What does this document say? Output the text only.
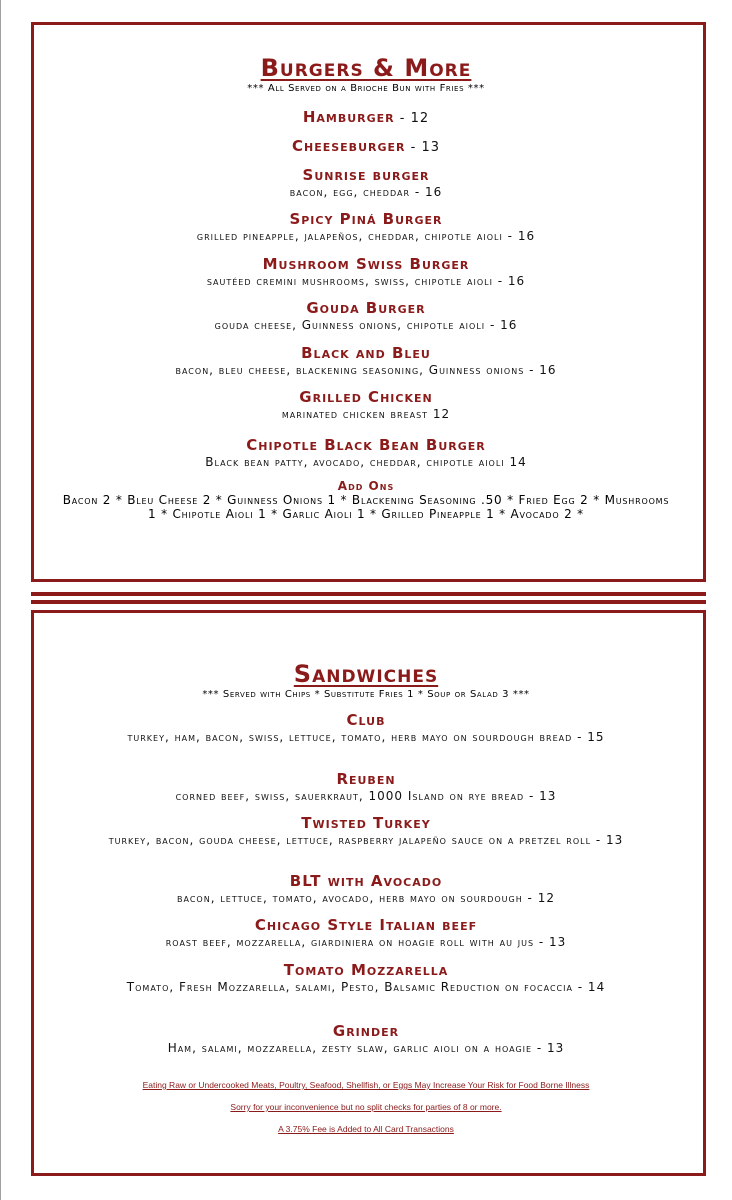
Burgers & More
*** All Served on a Brioche Bun with Fries ***
Hamburger - 12
Cheeseburger - 13
Sunrise burger
bacon, egg, cheddar - 16
Spicy Piná Burger
grilled pineapple, jalapeños, cheddar, chipotle aioli - 16
Mushroom Swiss Burger
sautéed cremini mushrooms, swiss, chipotle aioli - 16
Gouda Burger
gouda cheese, Guinness onions, chipotle aioli - 16
Black and Bleu
bacon, bleu cheese, blackening seasoning, Guinness onions - 16
Grilled Chicken
marinated chicken breast 12
Chipotle Black Bean Burger
Black bean patty, avocado, cheddar, chipotle aioli 14
Add Ons
Bacon 2 * Bleu Cheese 2 * Guinness Onions 1 * Blackening Seasoning .50 * Fried Egg 2 * Mushrooms 1 * Chipotle Aioli 1 * Garlic Aioli 1 * Grilled Pineapple 1 * Avocado 2 *
Sandwiches
*** Served with Chips * Substitute Fries 1 * Soup or Salad 3 ***
Club
turkey, ham, bacon, swiss, lettuce, tomato, herb mayo on sourdough bread - 15
Reuben
corned beef, swiss, sauerkraut, 1000 Island on rye bread - 13
Twisted Turkey
turkey, bacon, gouda cheese, lettuce, raspberry jalapeño sauce on a pretzel roll - 13
BLT with Avocado
bacon, lettuce, tomato, avocado, herb mayo on sourdough - 12
Chicago Style Italian beef
roast beef, mozzarella, giardiniera on hoagie roll with au jus - 13
Tomato Mozzarella
Tomato, Fresh Mozzarella, salami, Pesto, Balsamic Reduction on focaccia - 14
Grinder
Ham, salami, mozzarella, zesty slaw, garlic aioli on a hoagie - 13
Eating Raw or Undercooked Meats, Poultry, Seafood, Shellfish, or Eggs May Increase Your Risk for Food Borne Illness
Sorry for your inconvenience but no split checks for parties of 8 or more.
A 3.75% Fee is Added to All Card Transactions
